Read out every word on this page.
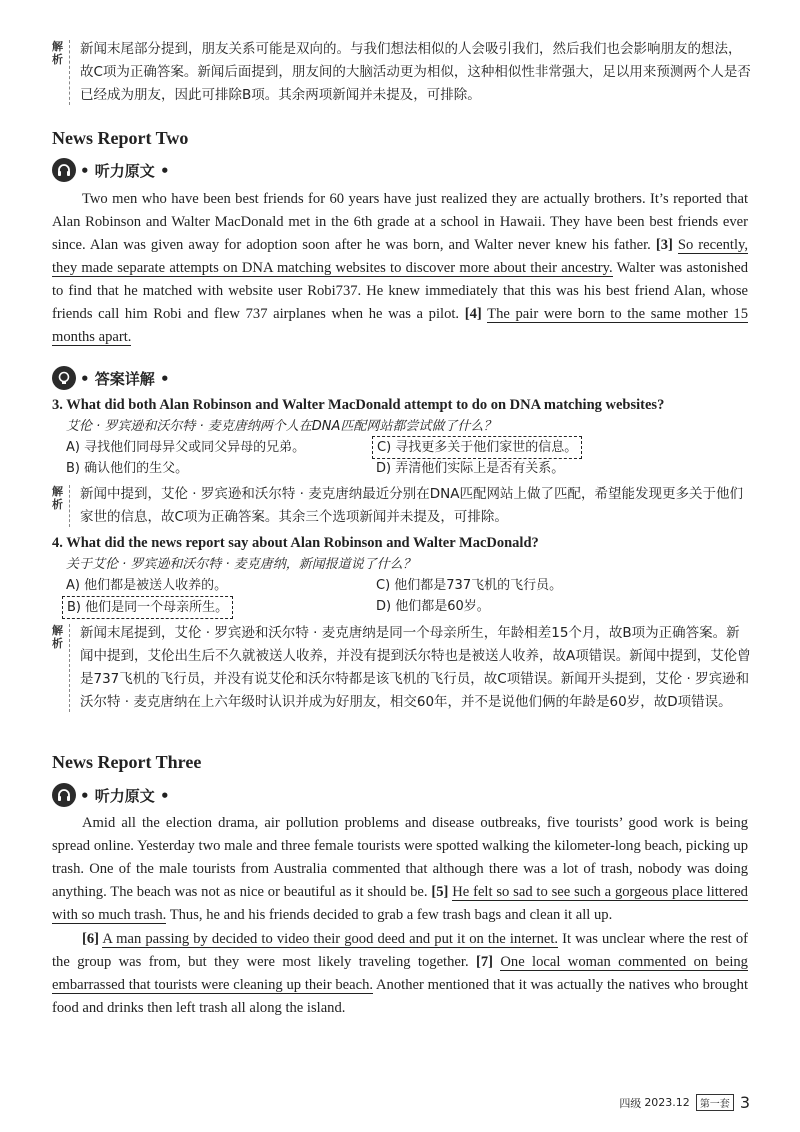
解析
新闻末尾部分提到，朋友关系可能是双向的。与我们想法相似的人会吸引我们，然后我们也会影响朋友的想法，故C项为正确答案。新闻后面提到，朋友间的大脑活动更为相似，这种相似性非常强大，足以用来预测两个人是否已经成为朋友，因此可排除B项。其余两项新闻并未提及，可排除。
News Report Two
• 听力原文 •
Two men who have been best friends for 60 years have just realized they are actually brothers. It’s reported that Alan Robinson and Walter MacDonald met in the 6th grade at a school in Hawaii. They have been best friends ever since. Alan was given away for adoption soon after he was born, and Walter never knew his father. [3] So recently, they made separate attempts on DNA matching websites to discover more about their ancestry. Walter was astonished to find that he matched with website user Robi737. He knew immediately that this was his best friend Alan, whose friends call him Robi and flew 737 airplanes when he was a pilot. [4] The pair were born to the same mother 15 months apart.
• 答案详解 •
3. What did both Alan Robinson and Walter MacDonald attempt to do on DNA matching websites?
艾伦 · 罗宾逊和沃尔特 · 麦克唐纳两个人在DNA匹配网站都尝试做了什么？
A) 寻找他们同母异父或同父异母的兄弟。	C) 寻找更多关于他们家世的信息。
B) 确认他们的生父。	D) 弄清他们实际上是否有关系。
解析
新闻中提到，艾伦 · 罗宾逊和沃尔特 · 麦克唐纳最近分别在DNA匹配网站上做了匹配，希望能发现更多关于他们家世的信息，故C项为正确答案。其余三个选项新闻并未提及，可排除。
4. What did the news report say about Alan Robinson and Walter MacDonald?
关于艾伦 · 罗宾逊和沃尔特 · 麦克唐纳，新闻报道说了什么？
A) 他们都是被送人收养的。	C) 他们都是737飞机的飞行员。
B) 他们是同一个母亲所生。	D) 他们都是60岁。
解析
新闻末尾提到，艾伦 · 罗宾逊和沃尔特 · 麦克唐纳是同一个母亲所生，年龄相差15个月，故B项为正确答案。新闻中提到，艾伦出生后不久就被送人收养，并没有提到沃尔特也是被送人收养，故A项错误。新闻中提到，艾伦曾是737飞机的飞行员，并没有说艾伦和沃尔特都是该飞机的飞行员，故C项错误。新闻开头提到，艾伦 · 罗宾逊和沃尔特 · 麦克唐纳在上六年级时认识并成为好朋友，相交60年，并不是说他们俩的年龄是60岁，故D项错误。
News Report Three
• 听力原文 •
Amid all the election drama, air pollution problems and disease outbreaks, five tourists’ good work is being spread online. Yesterday two male and three female tourists were spotted walking the kilometer-long beach, picking up trash. One of the male tourists from Australia commented that although there was a lot of trash, nobody was doing anything. The beach was not as nice or beautiful as it should be. [5] He felt so sad to see such a gorgeous place littered with so much trash. Thus, he and his friends decided to grab a few trash bags and clean it all up.
[6] A man passing by decided to video their good deed and put it on the internet. It was unclear where the rest of the group was from, but they were most likely traveling together. [7] One local woman commented on being embarrassed that tourists were cleaning up their beach. Another mentioned that it was actually the natives who brought food and drinks then left trash all along the island.
四级 2023.12	第一套 3
